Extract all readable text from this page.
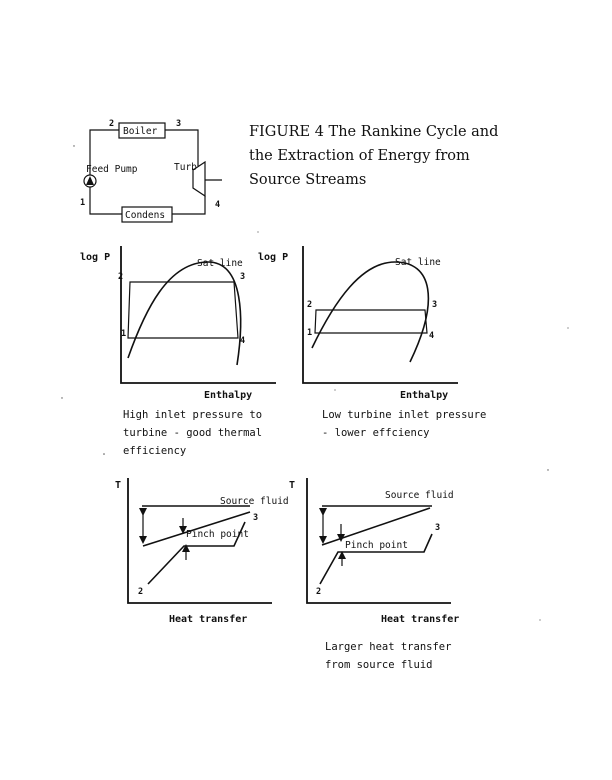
FIGURE 4 The Rankine Cycle and
the Extraction of Energy from
Source Streams
Boiler
Condens
Feed Pump	Turb
2	3
4
1
log P
Enthalpy
Sat line
2	3
1
4
High inlet pressure to
turbine - good thermal
efficiency
log P
Enthalpy
Sat line
2	3
1	4
Low turbine inlet pressure
- lower effciency
T
Heat transfer
Source fluid
Pinch point
2
3
T
Heat transfer
Source fluid
Pinch point
2
3
Larger heat transfer
from source fluid
